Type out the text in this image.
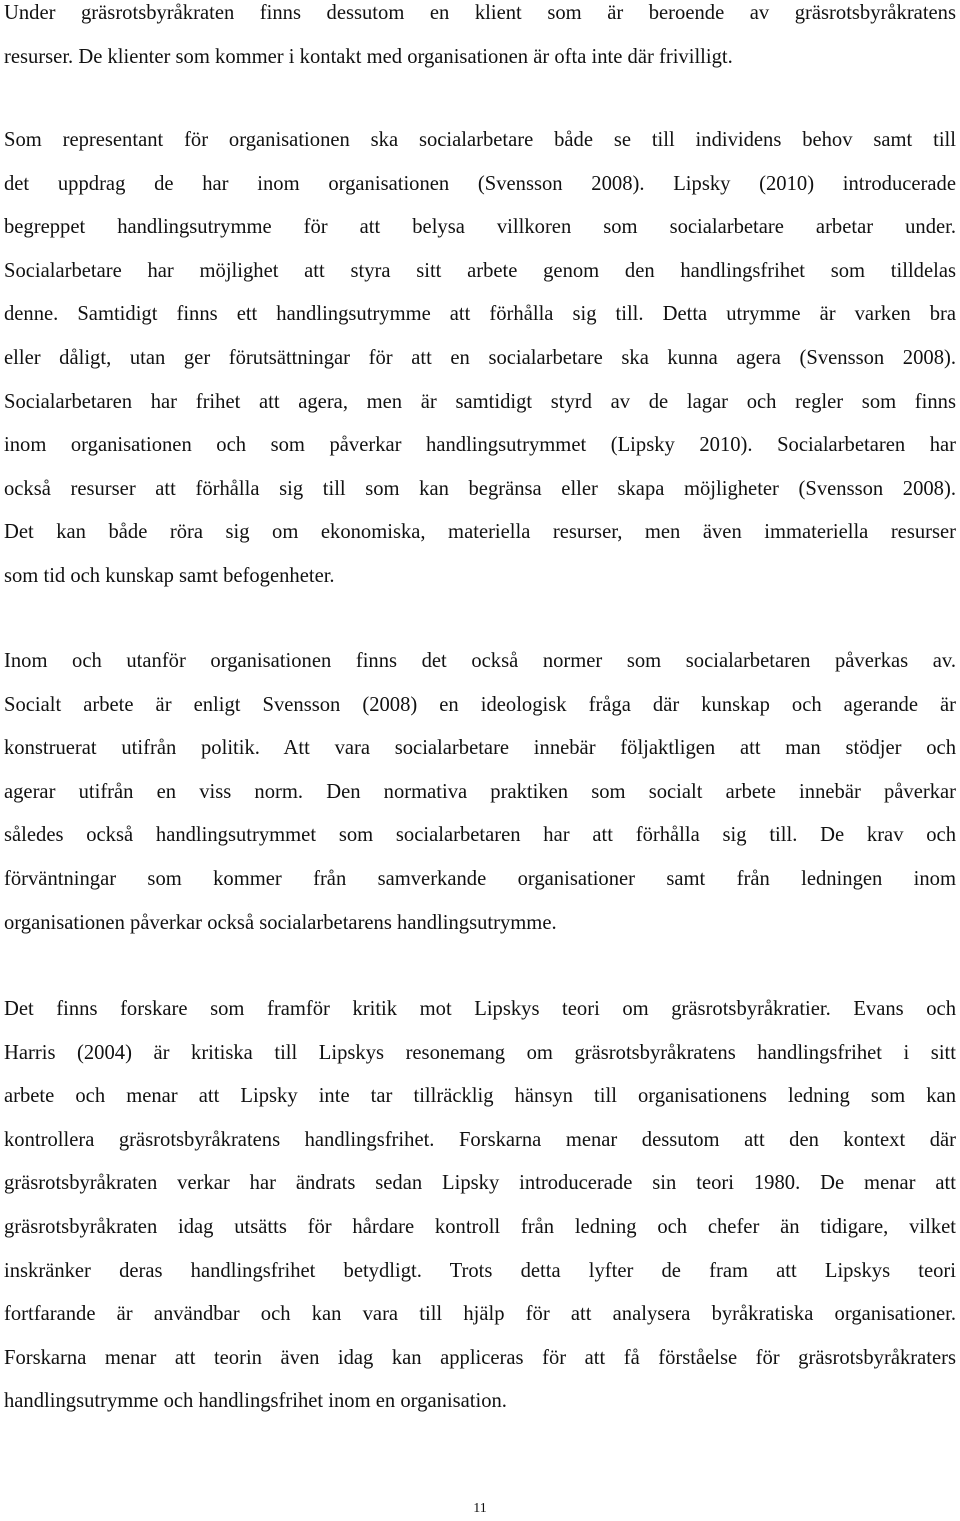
Under gräsrotsbyråkraten finns dessutom en klient som är beroende av gräsrotsbyråkratens
resurser. De klienter som kommer i kontakt med organisationen är ofta inte där frivilligt.

Som representant för organisationen ska socialarbetare både se till individens behov samt till
det uppdrag de har inom organisationen (Svensson 2008). Lipsky (2010) introducerade
begreppet handlingsutrymme för att belysa villkoren som socialarbetare arbetar under.
Socialarbetare har möjlighet att styra sitt arbete genom den handlingsfrihet som tilldelas
denne. Samtidigt finns ett handlingsutrymme att förhålla sig till. Detta utrymme är varken bra
eller dåligt, utan ger förutsättningar för att en socialarbetare ska kunna agera (Svensson 2008).
Socialarbetaren har frihet att agera, men är samtidigt styrd av de lagar och regler som finns
inom organisationen och som påverkar handlingsutrymmet (Lipsky 2010). Socialarbetaren har
också resurser att förhålla sig till som kan begränsa eller skapa möjligheter (Svensson 2008).
Det kan både röra sig om ekonomiska, materiella resurser, men även immateriella resurser
som tid och kunskap samt befogenheter.

Inom och utanför organisationen finns det också normer som socialarbetaren påverkas av.
Socialt arbete är enligt Svensson (2008) en ideologisk fråga där kunskap och agerande är
konstruerat utifrån politik. Att vara socialarbetare innebär följaktligen att man stödjer och
agerar utifrån en viss norm. Den normativa praktiken som socialt arbete innebär påverkar
således också handlingsutrymmet som socialarbetaren har att förhålla sig till. De krav och
förväntningar som kommer från samverkande organisationer samt från ledningen inom
organisationen påverkar också socialarbetarens handlingsutrymme.

Det finns forskare som framför kritik mot Lipskys teori om gräsrotsbyråkratier. Evans och
Harris (2004) är kritiska till Lipskys resonemang om gräsrotsbyråkratens handlingsfrihet i sitt
arbete och menar att Lipsky inte tar tillräcklig hänsyn till organisationens ledning som kan
kontrollera gräsrotsbyråkratens handlingsfrihet. Forskarna menar dessutom att den kontext där
gräsrotsbyråkraten verkar har ändrats sedan Lipsky introducerade sin teori 1980. De menar att
gräsrotsbyråkraten idag utsätts för hårdare kontroll från ledning och chefer än tidigare, vilket
inskränker deras handlingsfrihet betydligt. Trots detta lyfter de fram att Lipskys teori
fortfarande är användbar och kan vara till hjälp för att analysera byråkratiska organisationer.
Forskarna menar att teorin även idag kan appliceras för att få förståelse för gräsrotsbyråkraters
handlingsutrymme och handlingsfrihet inom en organisation.

11
